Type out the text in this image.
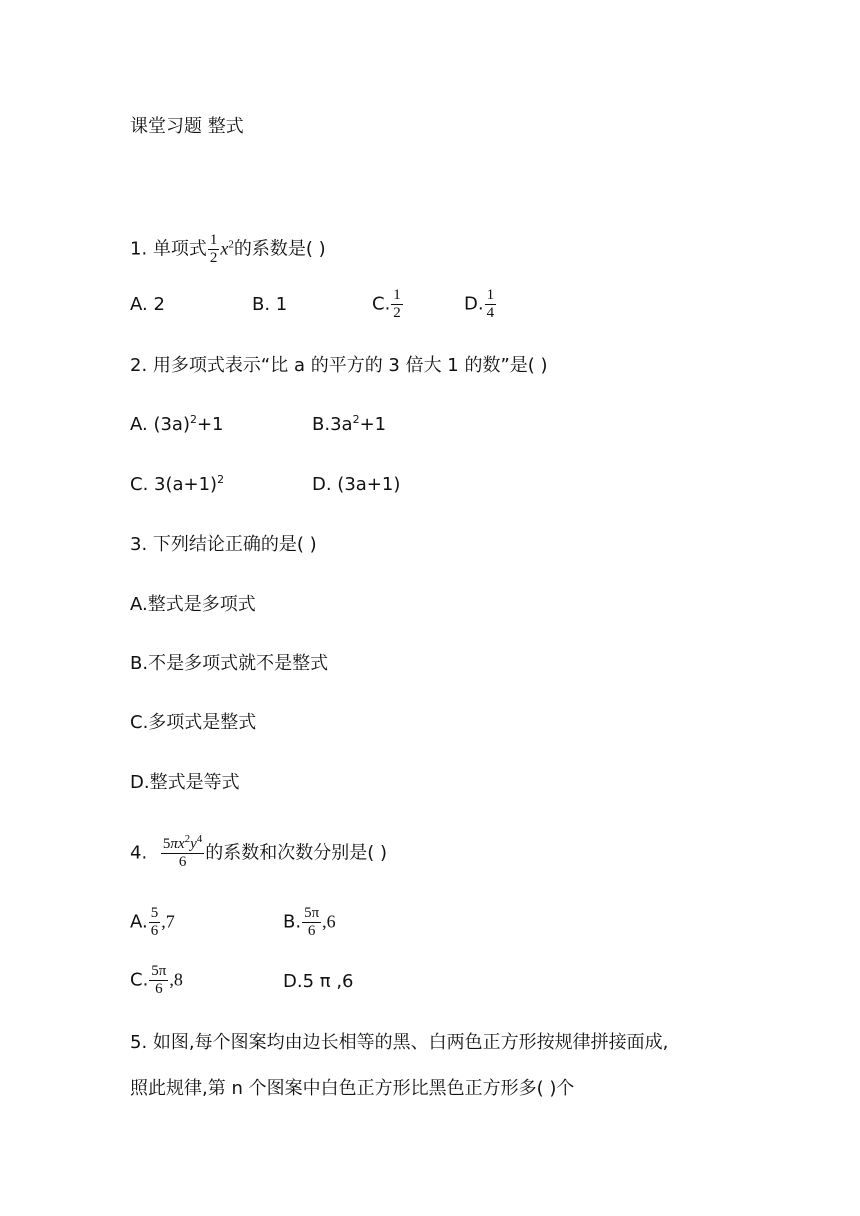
课堂习题 整式
1. 单项式 $\frac{1}{2} x^2$的系数是( )
A. 2	B. 1	C. $\frac{1}{2}$	D. $\frac{1}{4}$
2. 用多项式表示“比 a 的平方的 3 倍大 1 的数”是( )
A. $(3a)^2+1$	$B.3a^2+1$
C. $3(a+1)^2$	D. (3a+1)
3. 下列结论正确的是( )
A.整式是多项式
B.不是多项式就不是整式
C.多项式是整式
D.整式是等式
4. $\frac{5\pi x^2y^4}{6}$ 的系数和次数分别是( )
A. $\frac{5}{6} ,7$	B. $\frac{5\pi}{6} ,6$
C. $\frac{5\pi}{6} ,8$	D.5 π ,6
5. 如图,每个图案均由边长相等的黑、白两色正方形按规律拼接面成,
照此规律,第 n 个图案中白色正方形比黑色正方形多( )个
